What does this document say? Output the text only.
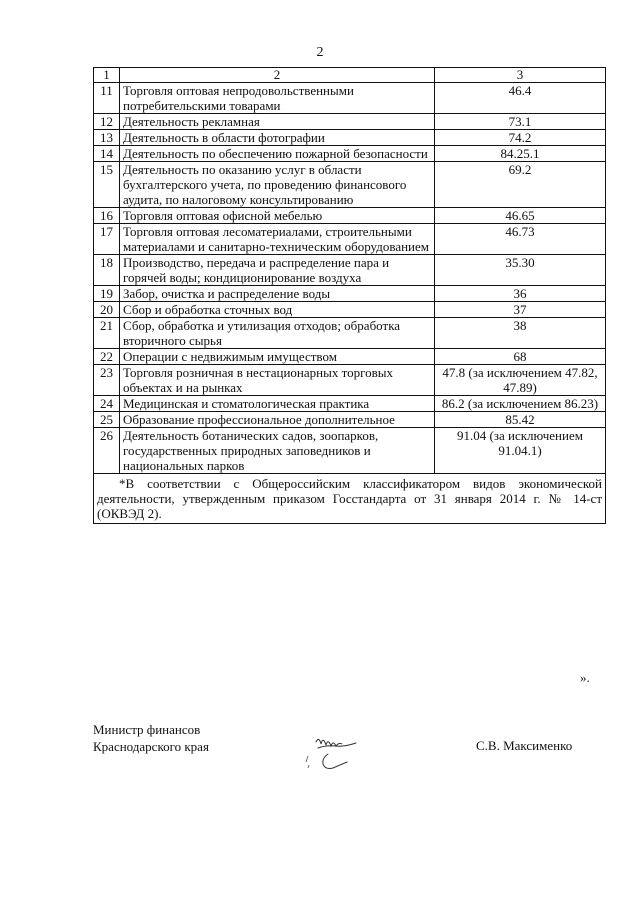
2
1	2	3
11	Торговля оптовая непродовольственными потребительскими товарами	46.4
12	Деятельность рекламная	73.1
13	Деятельность в области фотографии	74.2
14	Деятельность по обеспечению пожарной безопасности	84.25.1
15	Деятельность по оказанию услуг в области бухгалтерского учета, по проведению финансового аудита, по налоговому консультированию	69.2
16	Торговля оптовая офисной мебелью	46.65
17	Торговля оптовая лесоматериалами, строительными материалами и санитарно-техническим оборудованием	46.73
18	Производство, передача и распределение пара и горячей воды; кондиционирование воздуха	35.30
19	Забор, очистка и распределение воды	36
20	Сбор и обработка сточных вод	37
21	Сбор, обработка и утилизация отходов; обработка вторичного сырья	38
22	Операции с недвижимым имуществом	68
23	Торговля розничная в нестационарных торговых объектах и на рынках	47.8 (за исключением 47.82, 47.89)
24	Медицинская и стоматологическая практика	86.2 (за исключением 86.23)
25	Образование профессиональное дополнительное	85.42
26	Деятельность ботанических садов, зоопарков, государственных природных заповедников и национальных парков	91.04 (за исключением 91.04.1)

*В соответствии с Общероссийским классификатором видов экономической деятельности, утвержденным приказом Госстандарта от 31 января 2014 г. № 14-ст (ОКВЭД 2).		
».
Министр финансов
Краснодарского края	С.В. Максименко
